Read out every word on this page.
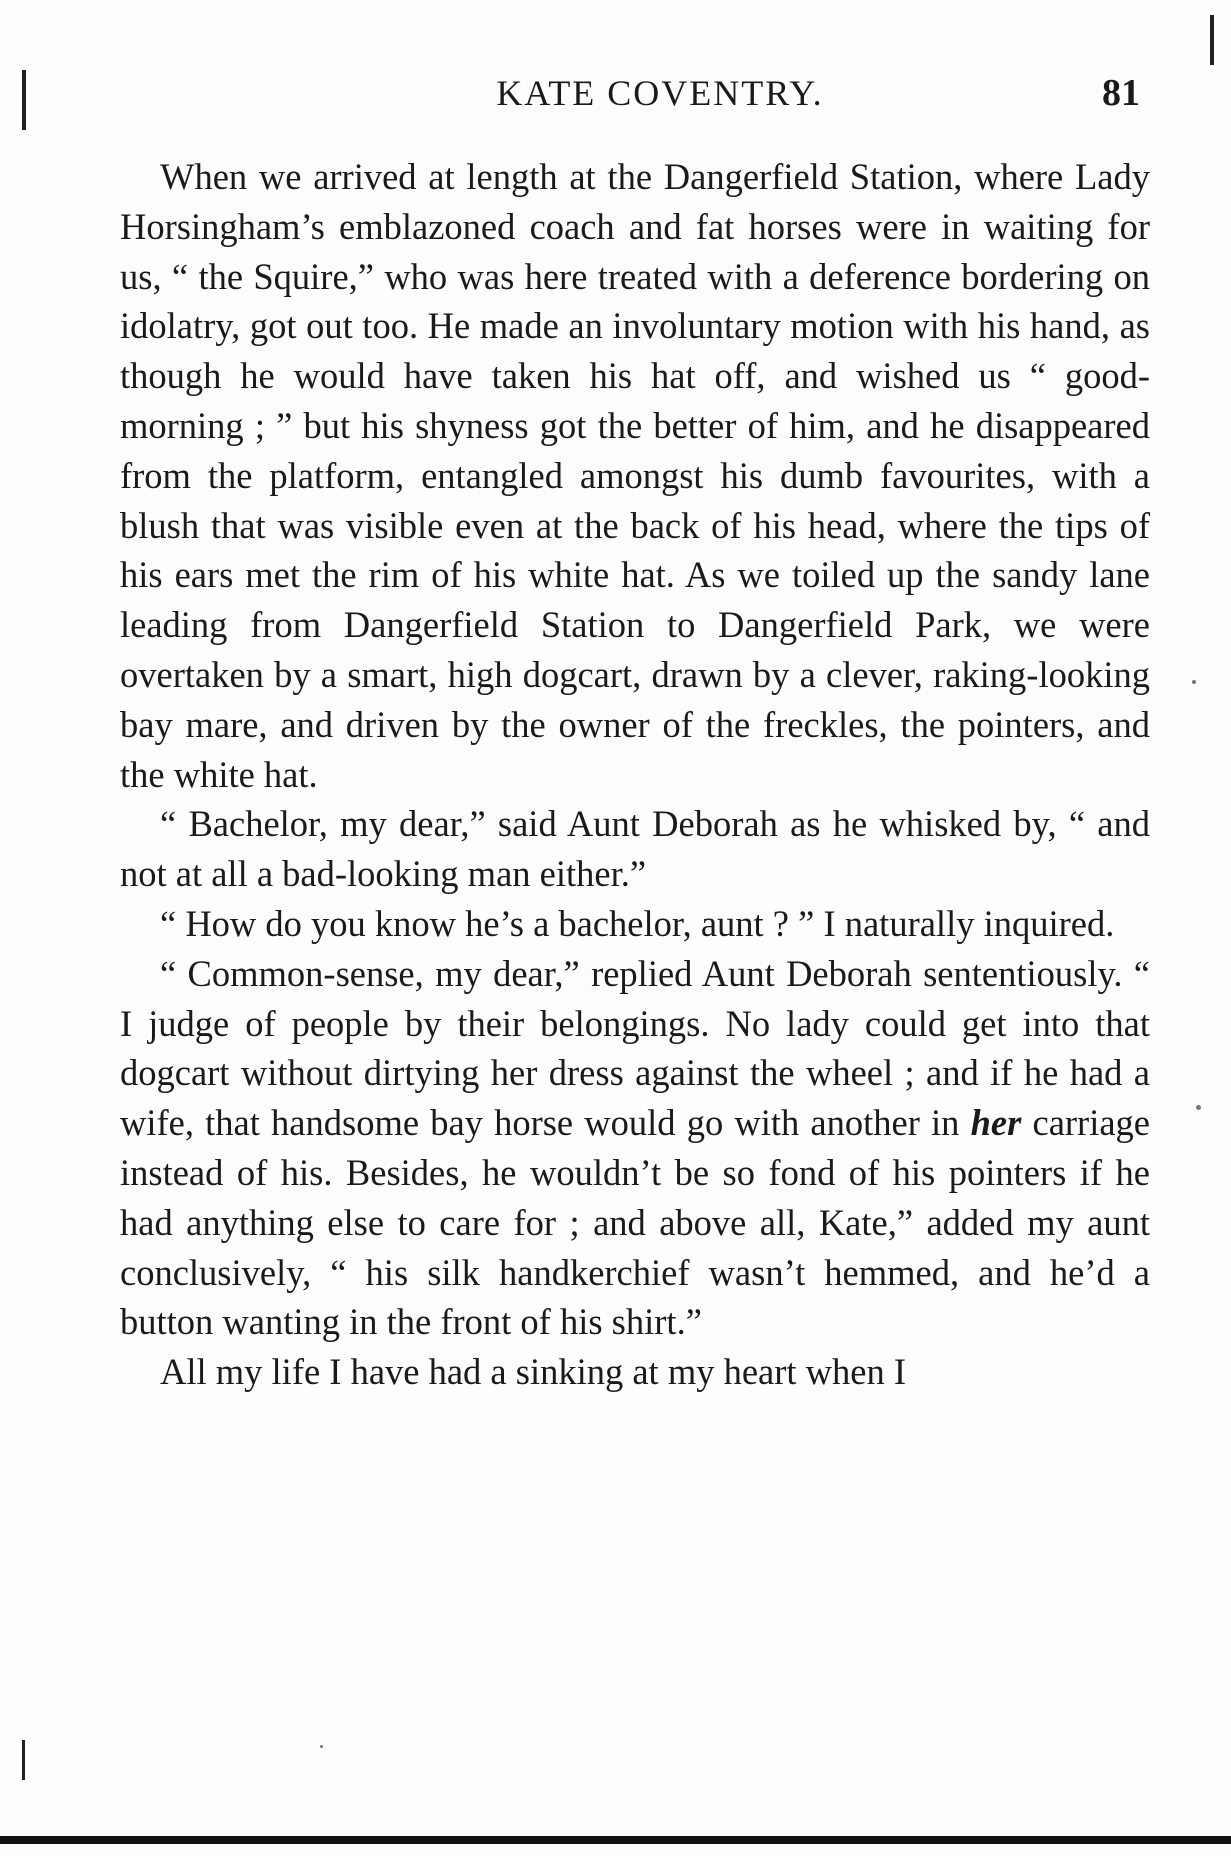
KATE COVENTRY.	81

When we arrived at length at the Dangerfield Station, where Lady Horsingham’s emblazoned coach and fat horses were in waiting for us, “ the Squire,” who was here treated with a deference bordering on idolatry, got out too. He made an involuntary motion with his hand, as though he would have taken his hat off, and wished us “ good-morning ; ” but his shyness got the better of him, and he disappeared from the platform, entangled amongst his dumb favourites, with a blush that was visible even at the back of his head, where the tips of his ears met the rim of his white hat. As we toiled up the sandy lane leading from Dangerfield Station to Dangerfield Park, we were overtaken by a smart, high dogcart, drawn by a clever, raking-looking bay mare, and driven by the owner of the freckles, the pointers, and the white hat.

“ Bachelor, my dear,” said Aunt Deborah as he whisked by, “ and not at all a bad-looking man either.”

“ How do you know he’s a bachelor, aunt ? ” I naturally inquired.

“ Common-sense, my dear,” replied Aunt Deborah sententiously. “ I judge of people by their belongings. No lady could get into that dogcart without dirtying her dress against the wheel ; and if he had a wife, that handsome bay horse would go with another in her carriage instead of his. Besides, he wouldn’t be so fond of his pointers if he had anything else to care for ; and above all, Kate,” added my aunt conclusively, “ his silk handkerchief wasn’t hemmed, and he’d a button wanting in the front of his shirt.”

All my life I have had a sinking at my heart when I
